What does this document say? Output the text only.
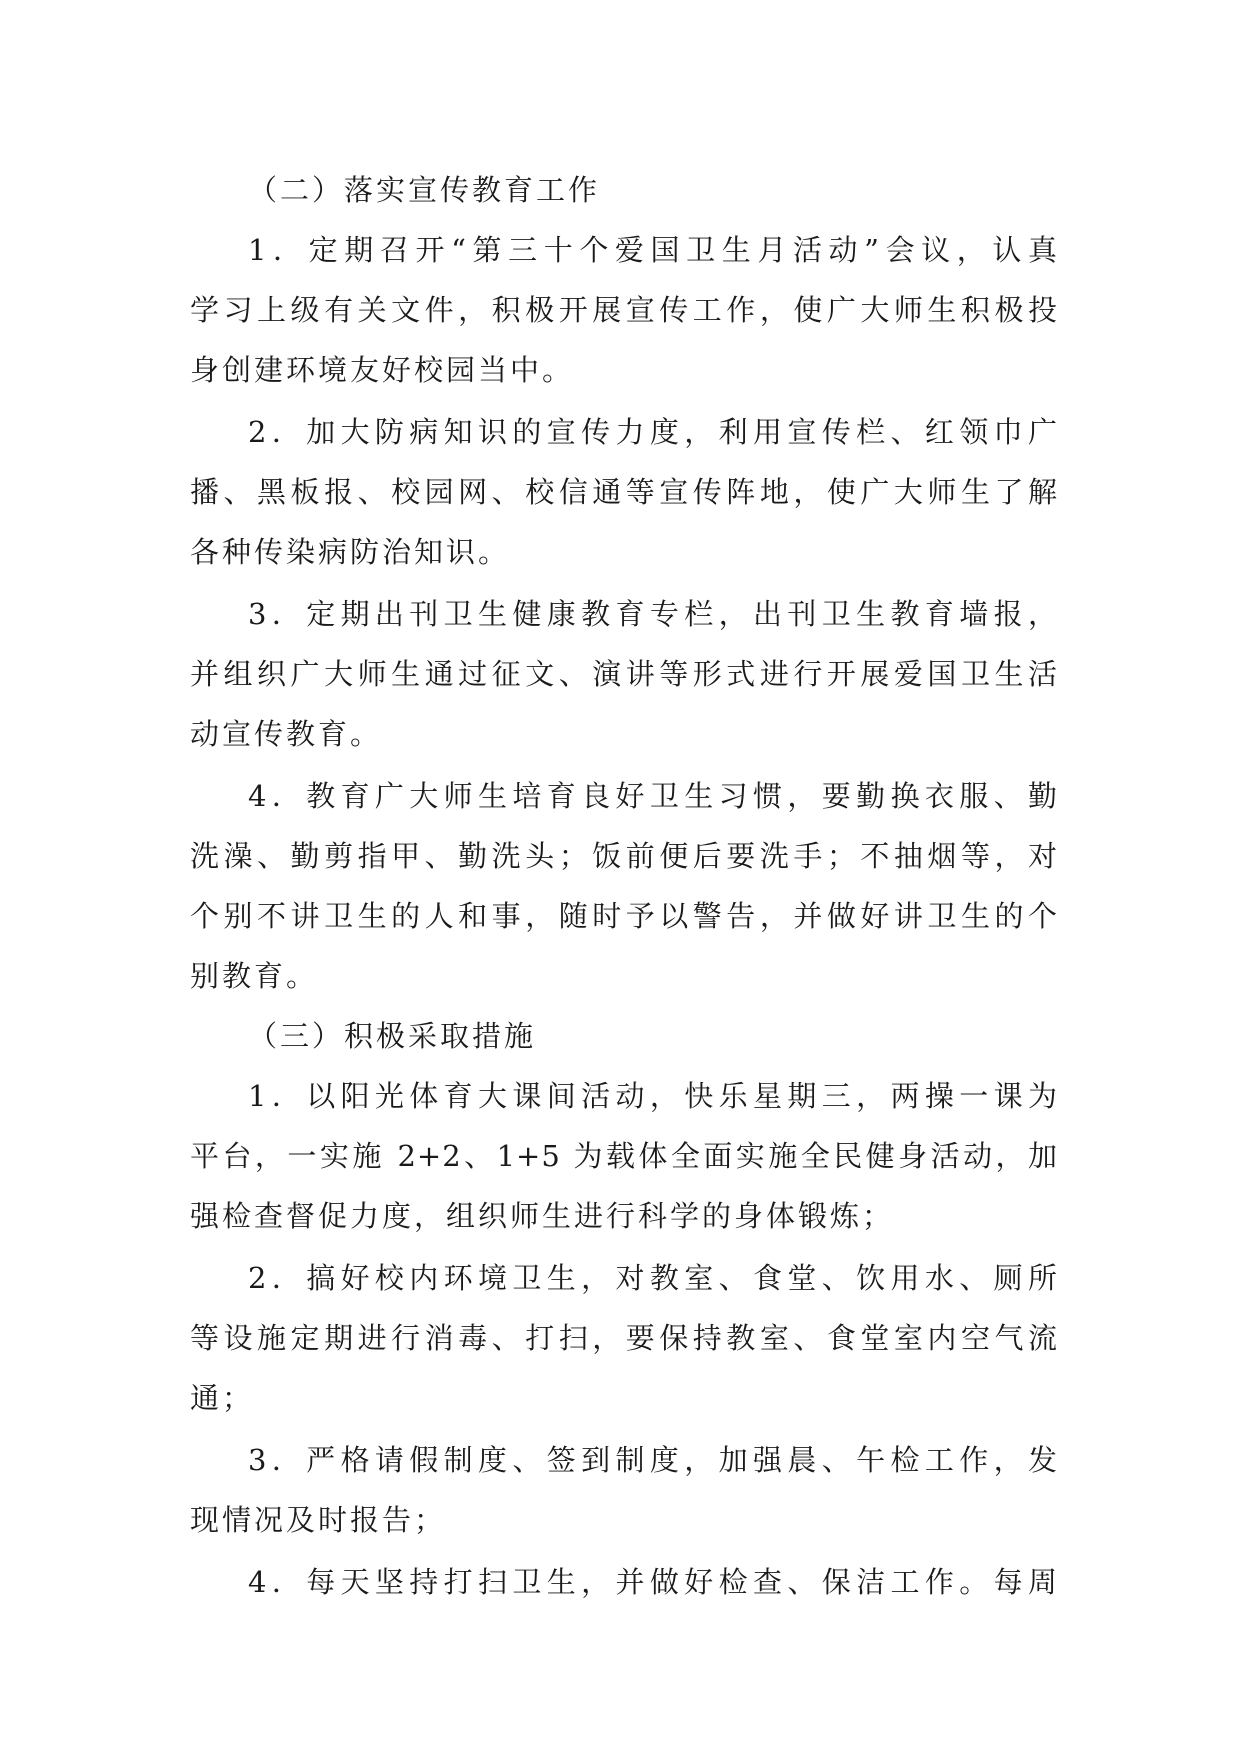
（二）落实宣传教育工作

1．定期召开“第三十个爱国卫生月活动”会议，认真
学习上级有关文件，积极开展宣传工作，使广大师生积极投
身创建环境友好校园当中。
2．加大防病知识的宣传力度，利用宣传栏、红领巾广
播、黑板报、校园网、校信通等宣传阵地，使广大师生了解
各种传染病防治知识。
3．定期出刊卫生健康教育专栏，出刊卫生教育墙报，
并组织广大师生通过征文、演讲等形式进行开展爱国卫生活
动宣传教育。
4．教育广大师生培育良好卫生习惯，要勤换衣服、勤
洗澡、勤剪指甲、勤洗头；饭前便后要洗手；不抽烟等，对
个别不讲卫生的人和事，随时予以警告，并做好讲卫生的个
别教育。

（三）积极采取措施

1．以阳光体育大课间活动，快乐星期三，两操一课为
平台，一实施 2+2、1+5 为载体全面实施全民健身活动，加
强检查督促力度，组织师生进行科学的身体锻炼；
2．搞好校内环境卫生，对教室、食堂、饮用水、厕所
等设施定期进行消毒、打扫，要保持教室、食堂室内空气流
通；
3．严格请假制度、签到制度，加强晨、午检工作，发
现情况及时报告；
4．每天坚持打扫卫生，并做好检查、保洁工作。每周
